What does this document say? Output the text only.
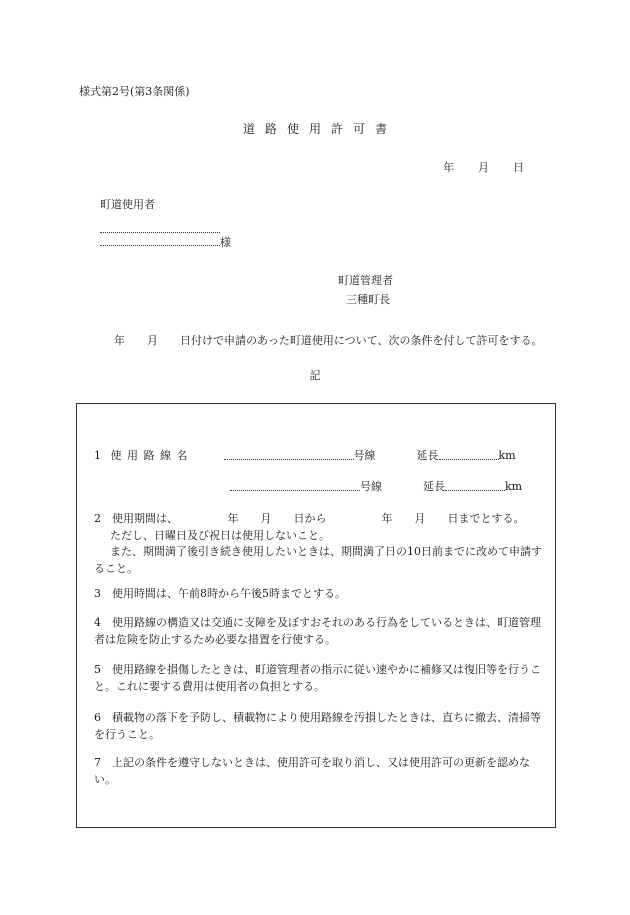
様式第2号(第3条関係)
道路使用許可書
年 月 日
町道使用者
様
町道管理者
三種町長
年　　月　　日付けで申請のあった町道使用について、次の条件を付して許可をする。
記
1 使 用 路 線 名	号線	延長	km
号線	延長	km
2　使用期間は、　　　　　年　　月　　日から　　　　　年　　月　　日までとする。
ただし、日曜日及び祝日は使用しないこと。
また、期間満了後引き続き使用したいときは、期間満了日の10日前までに改めて申請すること。
3　使用時間は、午前8時から午後5時までとする。
4　使用路線の構造又は交通に支障を及ぼすおそれのある行為をしているときは、町道管理者は危険を防止するため必要な措置を行使する。
5　使用路線を損傷したときは、町道管理者の指示に従い速やかに補修又は復旧等を行うこと。これに要する費用は使用者の負担とする。
6　積載物の落下を予防し、積載物により使用路線を汚損したときは、直ちに撤去、清掃等を行うこと。
7　上記の条件を遵守しないときは、使用許可を取り消し、又は使用許可の更新を認めない。
